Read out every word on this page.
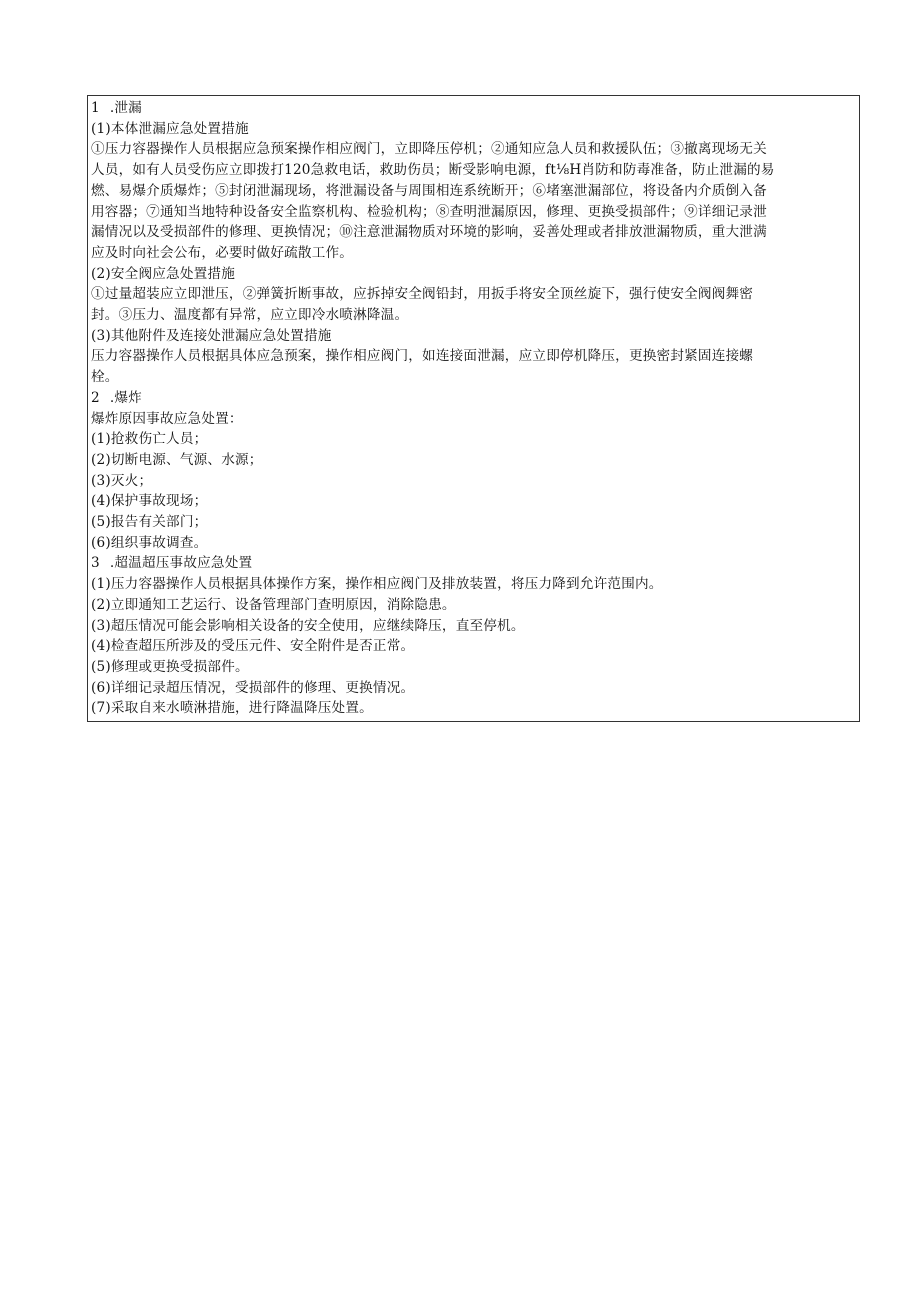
1 .泄漏
(1)本体泄漏应急处置措施
①压力容器操作人员根据应急预案操作相应阀门，立即降压停机；②通知应急人员和救援队伍；③撤离现场无关
人员，如有人员受伤应立即拨打120急救电话，救助伤员；断受影响电源，ft⅛H肖防和防毒准备，防止泄漏的易
燃、易爆介质爆炸；⑤封闭泄漏现场，将泄漏设备与周围相连系统断开；⑥堵塞泄漏部位，将设备内介质倒入备
用容器；⑦通知当地特种设备安全监察机构、检验机构；⑧查明泄漏原因，修理、更换受损部件；⑨详细记录泄
漏情况以及受损部件的修理、更换情况；⑩注意泄漏物质对环境的影响，妥善处理或者排放泄漏物质，重大泄满
应及时向社会公布，必要时做好疏散工作。
(2)安全阀应急处置措施
①过量超装应立即泄压，②弹簧折断事故，应拆掉安全阀铅封，用扳手将安全顶丝旋下，强行使安全阀阀舞密
封。③压力、温度都有异常，应立即冷水喷淋降温。
(3)其他附件及连接处泄漏应急处置措施
压力容器操作人员根据具体应急预案，操作相应阀门，如连接面泄漏，应立即停机降压，更换密封紧固连接螺
栓。
2 .爆炸
爆炸原因事故应急处置：
(1)抢救伤亡人员；
(2)切断电源、气源、水源；
(3)灭火；
(4)保护事故现场；
(5)报告有关部门；
(6)组织事故调查。
3 .超温超压事故应急处置
(1)压力容器操作人员根据具体操作方案，操作相应阀门及排放装置，将压力降到允许范围内。
(2)立即通知工艺运行、设备管理部门查明原因，消除隐患。
(3)超压情况可能会影响相关设备的安全使用，应继续降压，直至停机。
(4)检查超压所涉及的受压元件、安全附件是否正常。
(5)修理或更换受损部件。
(6)详细记录超压情况，受损部件的修理、更换情况。
(7)采取自来水喷淋措施，进行降温降压处置。
